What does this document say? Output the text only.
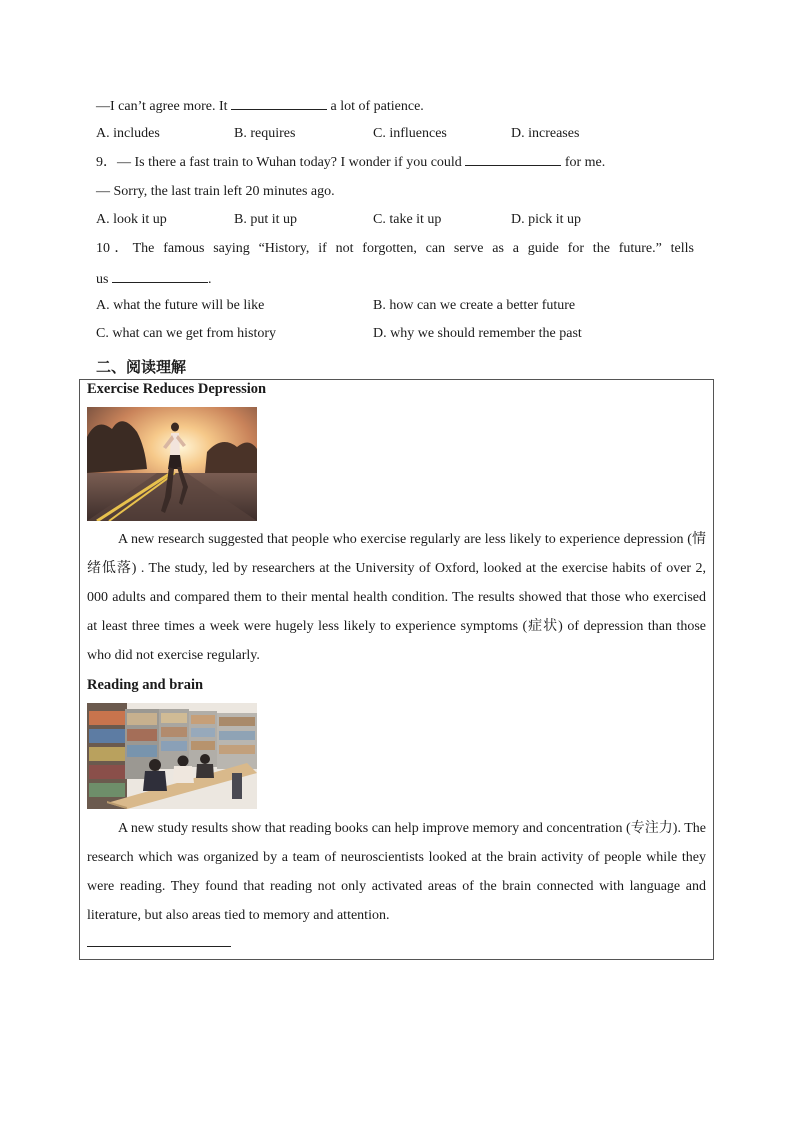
—I can’t agree more. It	a lot of patience.
A. includes	B. requires	C. influences	D. increases
9．— Is there a fast train to Wuhan today? I wonder if you could	for me.
— Sorry, the last train left 20 minutes ago.
A. look it up	B. put it up	C. take it up	D. pick it up
10．The famous saying “History, if not forgotten, can serve as a guide for the future.” tells
us	.
A. what the future will be like	B. how can we create a better future
C. what can we get from history	D. why we should remember the past
二、阅读理解
Exercise Reduces Depression

A new research suggested that people who exercise regularly are less likely to experience depression (情绪低落) . The study, led by researchers at the University of Oxford, looked at the exercise habits of over 2, 000 adults and compared them to their mental health condition. The results showed that those who exercised at least three times a week were hugely less likely to experience symptoms (症状) of depression than those who did not exercise regularly.

Reading and brain

A new study results show that reading books can help improve memory and concentration (专注力). The research which was organized by a team of neuroscientists looked at the brain activity of people while they were reading. They found that reading not only activated areas of the brain connected with language and literature, but also areas tied to memory and attention.
